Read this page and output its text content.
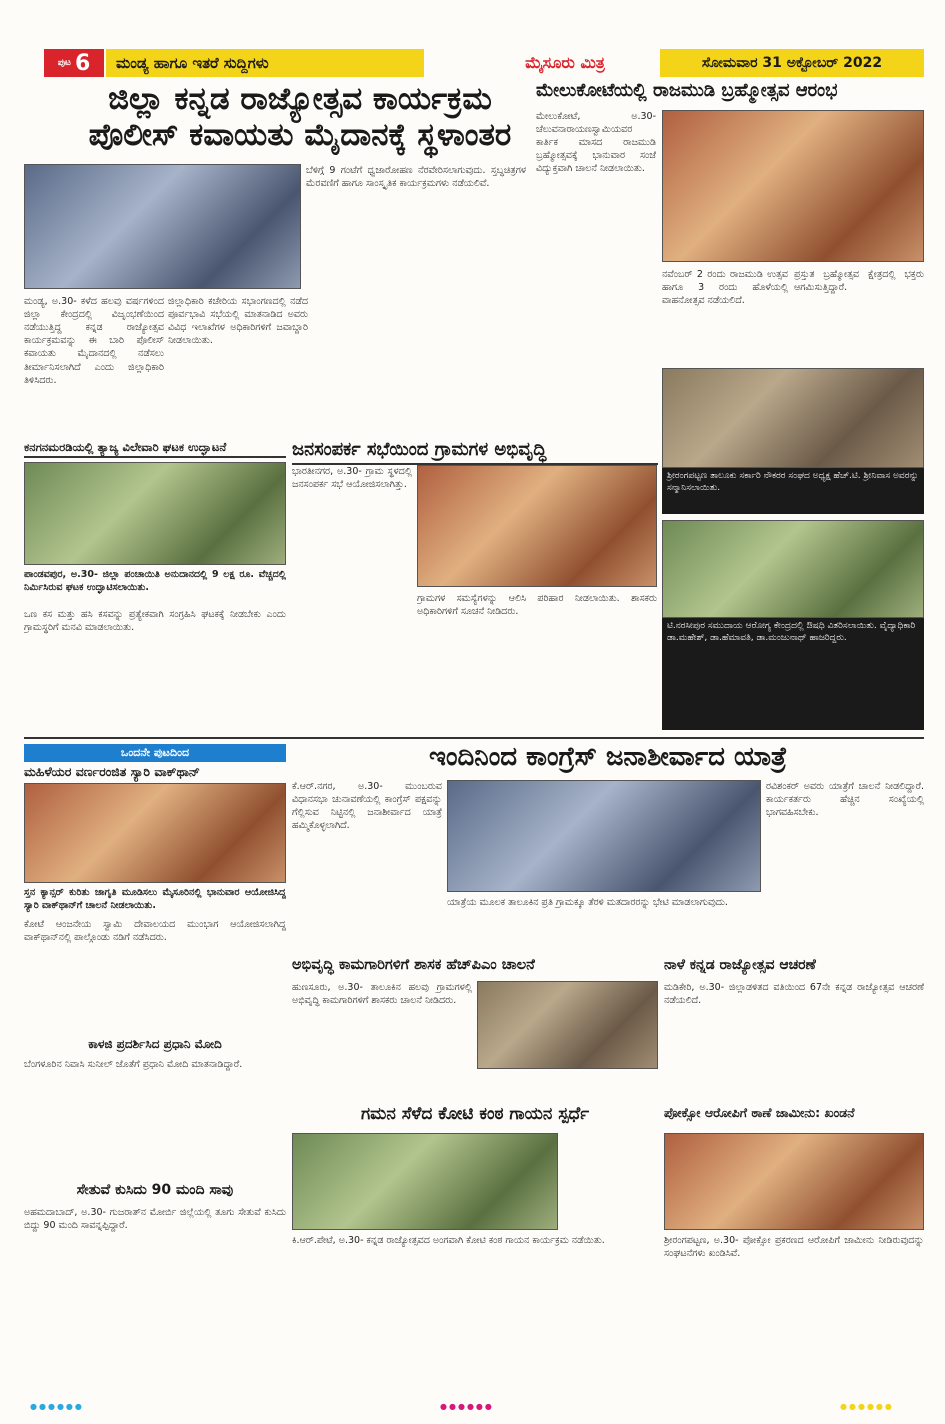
ಪುಟ 6	ಮಂಡ್ಯ ಹಾಗೂ ಇತರೆ ಸುದ್ದಿಗಳು	ಮೈಸೂರು ಮಿತ್ರ	ಸೋಮವಾರ 31 ಅಕ್ಟೋಬರ್ 2022
ಜಿಲ್ಲಾ ಕನ್ನಡ ರಾಜ್ಯೋತ್ಸವ ಕಾರ್ಯಕ್ರಮ
ಪೊಲೀಸ್ ಕವಾಯತು ಮೈದಾನಕ್ಕೆ ಸ್ಥಳಾಂತರ
ಮಂಡ್ಯ, ಅ.30- ಕಳೆದ ಹಲವು ವರ್ಷಗಳಿಂದ ಜಿಲ್ಲಾ ಕೇಂದ್ರದಲ್ಲಿ ವಿಜೃಂಭಣೆಯಿಂದ ನಡೆಯುತ್ತಿದ್ದ ಕನ್ನಡ ರಾಜ್ಯೋತ್ಸವ ಕಾರ್ಯಕ್ರಮವನ್ನು ಈ ಬಾರಿ ಪೊಲೀಸ್ ಕವಾಯತು ಮೈದಾನದಲ್ಲಿ ನಡೆಸಲು ತೀರ್ಮಾನಿಸಲಾಗಿದೆ ಎಂದು ಜಿಲ್ಲಾಧಿಕಾರಿ ತಿಳಿಸಿದರು.
ಜಿಲ್ಲಾಧಿಕಾರಿ ಕಚೇರಿಯ ಸಭಾಂಗಣದಲ್ಲಿ ನಡೆದ ಪೂರ್ವಭಾವಿ ಸಭೆಯಲ್ಲಿ ಮಾತನಾಡಿದ ಅವರು ವಿವಿಧ ಇಲಾಖೆಗಳ ಅಧಿಕಾರಿಗಳಿಗೆ ಜವಾಬ್ದಾರಿ ನೀಡಲಾಯಿತು.
ಬೆಳಿಗ್ಗೆ 9 ಗಂಟೆಗೆ ಧ್ವಜಾರೋಹಣ ನೆರವೇರಿಸಲಾಗುವುದು. ಸ್ತಬ್ಧಚಿತ್ರಗಳ ಮೆರವಣಿಗೆ ಹಾಗೂ ಸಾಂಸ್ಕೃತಿಕ ಕಾರ್ಯಕ್ರಮಗಳು ನಡೆಯಲಿವೆ.
ಮೇಲುಕೋಟೆಯಲ್ಲಿ ರಾಜಮುಡಿ ಬ್ರಹ್ಮೋತ್ಸವ ಆರಂಭ
ಮೇಲುಕೋಟೆ, ಅ.30- ಚೆಲುವನಾರಾಯಣಸ್ವಾಮಿಯವರ ಕಾರ್ತಿಕ ಮಾಸದ ರಾಜಮುಡಿ ಬ್ರಹ್ಮೋತ್ಸವಕ್ಕೆ ಭಾನುವಾರ ಸಂಜೆ ವಿದ್ಯುಕ್ತವಾಗಿ ಚಾಲನೆ ನೀಡಲಾಯಿತು.
ನವೆಂಬರ್ 2 ರಂದು ರಾಜಮುಡಿ ಉತ್ಸವ ಹಾಗೂ 3 ರಂದು ಹೊಳೆಯಲ್ಲಿ ವಾಹನೋತ್ಸವ ನಡೆಯಲಿದೆ.
ಪ್ರಸ್ತುತ ಬ್ರಹ್ಮೋತ್ಸವ ಕ್ಷೇತ್ರದಲ್ಲಿ ಭಕ್ತರು ಆಗಮಿಸುತ್ತಿದ್ದಾರೆ.
ಶ್ರೀರಂಗಪಟ್ಟಣ ತಾಲೂಕು ಸರ್ಕಾರಿ ನೌಕರರ ಸಂಘದ ಅಧ್ಯಕ್ಷ ಹೆಚ್.ಟಿ. ಶ್ರೀನಿವಾಸ ಅವರನ್ನು ಸನ್ಮಾನಿಸಲಾಯಿತು.
ಟಿ.ನರಸೀಪುರ ಸಮುದಾಯ ಆರೋಗ್ಯ ಕೇಂದ್ರದಲ್ಲಿ ಔಷಧಿ ವಿತರಿಸಲಾಯಿತು. ವೈದ್ಯಾಧಿಕಾರಿ ಡಾ.ಮಹೇಶ್, ಡಾ.ಹೆಮಾವತಿ, ಡಾ.ಮಂಜುನಾಥ್ ಹಾಜರಿದ್ದರು.
ಕನಗನಮರಡಿಯಲ್ಲಿ ತ್ಯಾಜ್ಯ ವಿಲೇವಾರಿ ಘಟಕ ಉದ್ಘಾಟನೆ
ಪಾಂಡವಪುರ, ಅ.30- ಜಿಲ್ಲಾ ಪಂಚಾಯಿತಿ ಅನುದಾನದಲ್ಲಿ 9 ಲಕ್ಷ ರೂ. ವೆಚ್ಚದಲ್ಲಿ ನಿರ್ಮಿಸಿರುವ ಘಟಕ ಉದ್ಘಾಟಿಸಲಾಯಿತು.
ಒಣ ಕಸ ಮತ್ತು ಹಸಿ ಕಸವನ್ನು ಪ್ರತ್ಯೇಕವಾಗಿ ಸಂಗ್ರಹಿಸಿ ಘಟಕಕ್ಕೆ ನೀಡಬೇಕು ಎಂದು ಗ್ರಾಮಸ್ಥರಿಗೆ ಮನವಿ ಮಾಡಲಾಯಿತು.
ಜನಸಂಪರ್ಕ ಸಭೆಯಿಂದ ಗ್ರಾಮಗಳ ಅಭಿವೃದ್ಧಿ
ಭಾರತೀನಗರ, ಅ.30- ಗ್ರಾಮ ಸ್ಥಳದಲ್ಲಿ ಜನಸಂಪರ್ಕ ಸಭೆ ಆಯೋಜಿಸಲಾಗಿತ್ತು.
ಗ್ರಾಮಗಳ ಸಮಸ್ಯೆಗಳನ್ನು ಆಲಿಸಿ ಪರಿಹಾರ ನೀಡಲಾಯಿತು. ಶಾಸಕರು ಅಧಿಕಾರಿಗಳಿಗೆ ಸೂಚನೆ ನೀಡಿದರು.
ಒಂದನೇ ಪುಟದಿಂದ
ಮಹಿಳೆಯರ ವರ್ಣರಂಜಿತ ಸ್ಯಾರಿ ವಾಕ್‌ಥಾನ್
ಸ್ತನ ಕ್ಯಾನ್ಸರ್ ಕುರಿತು ಜಾಗೃತಿ ಮೂಡಿಸಲು ಮೈಸೂರಿನಲ್ಲಿ ಭಾನುವಾರ ಆಯೋಜಿಸಿದ್ದ ಸ್ಯಾರಿ ವಾಕ್‌ಥಾನ್‌ಗೆ ಚಾಲನೆ ನೀಡಲಾಯಿತು.
ಕೋಟೆ ಆಂಜನೇಯ ಸ್ವಾಮಿ ದೇವಾಲಯದ ಮುಂಭಾಗ ಆಯೋಜಿಸಲಾಗಿದ್ದ ವಾಕ್‌ಥಾನ್‌ನಲ್ಲಿ ಪಾಲ್ಗೊಂಡು ನಡಿಗೆ ನಡೆಸಿದರು.
ಕಾಳಜಿ ಪ್ರದರ್ಶಿಸಿದ ಪ್ರಧಾನಿ ಮೋದಿ
ಬೆಂಗಳೂರಿನ ನಿವಾಸಿ ಸುನೀಲ್ ಜೊತೆಗೆ ಪ್ರಧಾನಿ ಮೋದಿ ಮಾತನಾಡಿದ್ದಾರೆ.
ಸೇತುವೆ ಕುಸಿದು 90 ಮಂದಿ ಸಾವು
ಅಹಮದಾಬಾದ್, ಅ.30- ಗುಜರಾತ್‌ನ ಮೋರ್ಬಿ ಜಿಲ್ಲೆಯಲ್ಲಿ ತೂಗು ಸೇತುವೆ ಕುಸಿದು ಬಿದ್ದು 90 ಮಂದಿ ಸಾವನ್ನಪ್ಪಿದ್ದಾರೆ.
ಇಂದಿನಿಂದ ಕಾಂಗ್ರೆಸ್ ಜನಾಶೀರ್ವಾದ ಯಾತ್ರೆ
ಕೆ.ಆರ್.ನಗರ, ಅ.30- ಮುಂಬರುವ ವಿಧಾನಸಭಾ ಚುನಾವಣೆಯಲ್ಲಿ ಕಾಂಗ್ರೆಸ್ ಪಕ್ಷವನ್ನು ಗೆಲ್ಲಿಸುವ ನಿಟ್ಟಿನಲ್ಲಿ ಜನಾಶೀರ್ವಾದ ಯಾತ್ರೆ ಹಮ್ಮಿಕೊಳ್ಳಲಾಗಿದೆ.
ಯಾತ್ರೆಯ ಮೂಲಕ ತಾಲೂಕಿನ ಪ್ರತಿ ಗ್ರಾಮಕ್ಕೂ ತೆರಳಿ ಮತದಾರರನ್ನು ಭೇಟಿ ಮಾಡಲಾಗುವುದು.
ರವಿಶಂಕರ್ ಅವರು ಯಾತ್ರೆಗೆ ಚಾಲನೆ ನೀಡಲಿದ್ದಾರೆ. ಕಾರ್ಯಕರ್ತರು ಹೆಚ್ಚಿನ ಸಂಖ್ಯೆಯಲ್ಲಿ ಭಾಗವಹಿಸಬೇಕು.
ಅಭಿವೃದ್ಧಿ ಕಾಮಗಾರಿಗಳಿಗೆ ಶಾಸಕ ಹೆಚ್‌ಪಿಎಂ ಚಾಲನೆ
ಹುಣಸೂರು, ಅ.30- ತಾಲೂಕಿನ ಹಲವು ಗ್ರಾಮಗಳಲ್ಲಿ ಅಭಿವೃದ್ಧಿ ಕಾಮಗಾರಿಗಳಿಗೆ ಶಾಸಕರು ಚಾಲನೆ ನೀಡಿದರು.
ನಾಳೆ ಕನ್ನಡ ರಾಜ್ಯೋತ್ಸವ ಆಚರಣೆ
ಮಡಿಕೇರಿ, ಅ.30- ಜಿಲ್ಲಾಡಳಿತದ ವತಿಯಿಂದ 67ನೇ ಕನ್ನಡ ರಾಜ್ಯೋತ್ಸವ ಆಚರಣೆ ನಡೆಯಲಿದೆ.
ಗಮನ ಸೆಳೆದ ಕೋಟಿ ಕಂಠ ಗಾಯನ ಸ್ಪರ್ಧೆ
ಕಿ.ಆರ್.ಪೇಟೆ, ಅ.30- ಕನ್ನಡ ರಾಜ್ಯೋತ್ಸವದ ಅಂಗವಾಗಿ ಕೋಟಿ ಕಂಠ ಗಾಯನ ಕಾರ್ಯಕ್ರಮ ನಡೆಯಿತು.
ಪೋಕ್ಸೋ ಆರೋಪಿಗೆ ಠಾಣೆ ಜಾಮೀನು: ಖಂಡನೆ
ಶ್ರೀರಂಗಪಟ್ಟಣ, ಅ.30- ಪೋಕ್ಸೋ ಪ್ರಕರಣದ ಆರೋಪಿಗೆ ಜಾಮೀನು ನೀಡಿರುವುದನ್ನು ಸಂಘಟನೆಗಳು ಖಂಡಿಸಿವೆ.
●●●●●●	●●●●●●	●●●●●●
